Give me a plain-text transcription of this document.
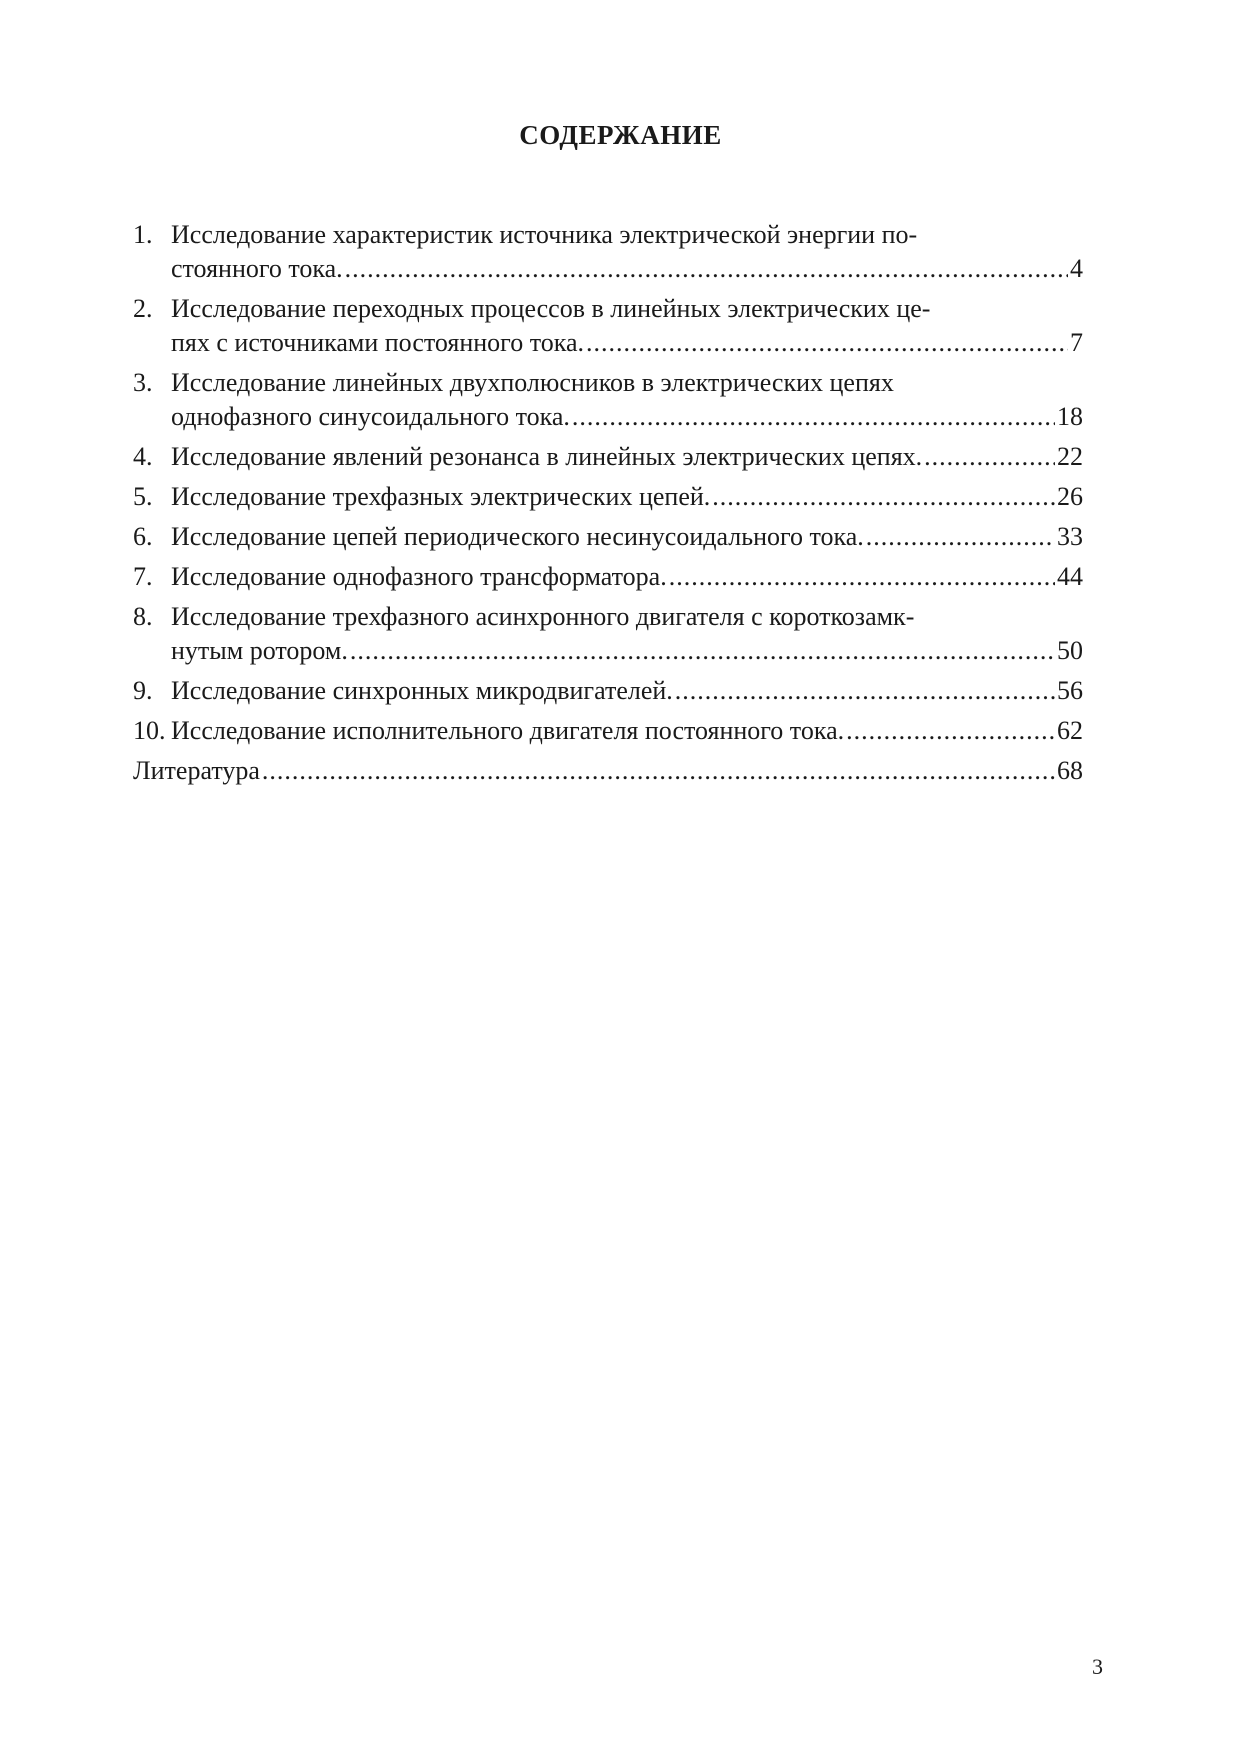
СОДЕРЖАНИЕ
1. Исследование характеристик источника электрической энергии по-
стоянного тока. .....	4
2. Исследование переходных процессов в линейных электрических це-
пях с источниками постоянного тока. .....	7
3. Исследование линейных двухполюсников в электрических цепях
однофазного синусоидального тока. .....	18
4. Исследование явлений резонанса в линейных электрических цепях. .....	22
5. Исследование трехфазных электрических цепей. .....	26
6. Исследование цепей периодического несинусоидального тока. .....	33
7. Исследование однофазного трансформатора. .....	44
8. Исследование трехфазного асинхронного двигателя с короткозамк-
нутым ротором. .....	50
9. Исследование синхронных микродвигателей. .....	56
10. Исследование исполнительного двигателя постоянного тока. .....	62
Литература .....	68
3
